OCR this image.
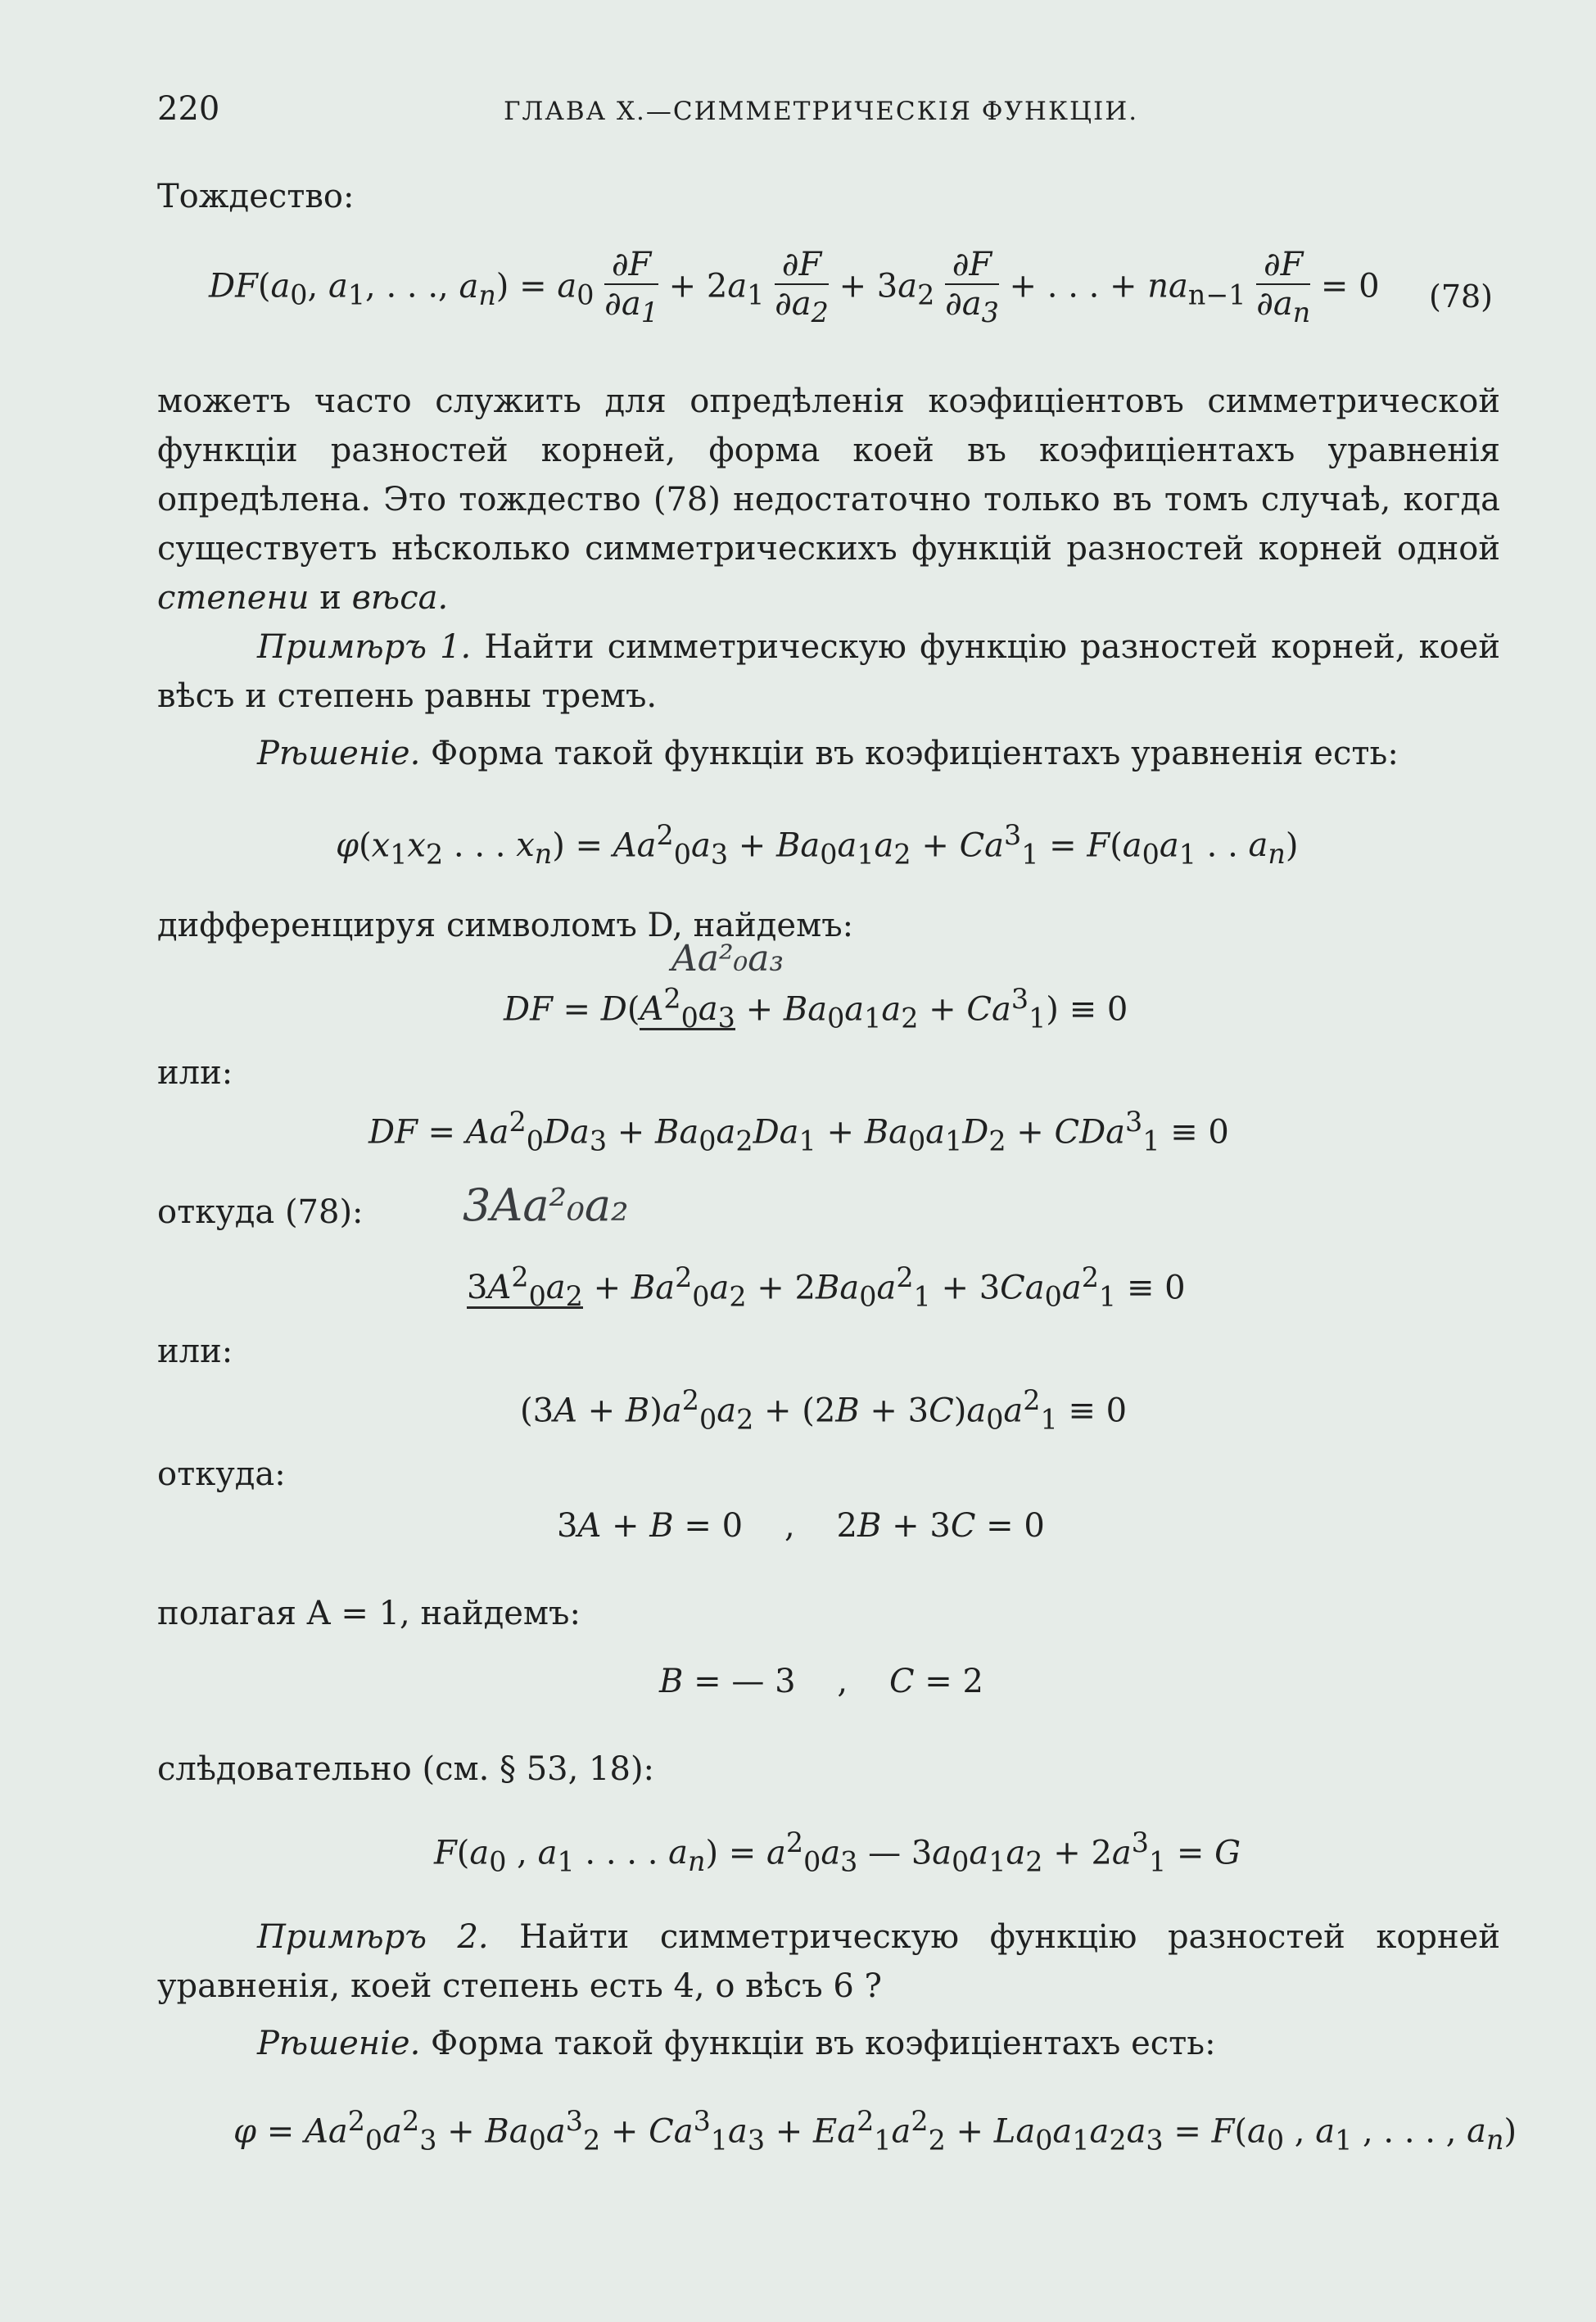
220	ГЛАВА X.—СИММЕТРИЧЕСКІЯ ФУНКЦІИ.
Тождество:
$DF(a_0$, $a_1$, . . ., $a_n) = a_0 \frac{\partial F}{\partial a_1} + 2a_1 \frac{\partial F}{\partial a_2} + 3a_2 \frac{\partial F}{\partial a_3}$ + . . . + $na_{n-1} \frac{\partial F}{\partial a_n} = 0$ (78)
можетъ часто служить для опредѣленія коэфиціентовъ симметрической функціи разностей корней, форма коей въ коэфиціентахъ уравненія опредѣлена. Это тождество (78) недостаточно только въ томъ случаѣ, когда существуетъ нѣсколько симметрическихъ функцій разностей корней одной степени и вѣса.
Примѣръ 1. Найти симметрическую функцію разностей корней, коей вѣсъ и степень равны тремъ.
Рѣшеніе. Форма такой функціи въ коэфиціентахъ уравненія есть:
$\varphi(x_1x_2$ . . . $x_n) = Aa^2_0a_3 + Ba_0a_1a_2 + Ca^3_1 = F(a_0a_1$ . . $a_n$)
дифференцируя символомъ D, найдемъ:
Aa²₀a₃
DF = $D(A^2_0a_3 + Ba_0a_1a_2 + Ca^3_1) \equiv 0$
или:
DF = $Aa^2_0Da_3 + Ba_0a_2Da_1 + Ba_0a_1D_2 + CDa^3_1 \equiv 0$
откуда (78):	3Aa²₀a₂
$3A^2_0a_2 + Ba^2_0a_2 + 2Ba_0a^2_1 + 3Ca_0a^2_1 \equiv 0$
или:
$(3A + B)a^2_0a_2 + (2B + 3C)a_0a^2_1 \equiv 0$
откуда:
3A + B = 0    ,    2B + 3C = 0
полагая A = 1, найдемъ:
B = — 3    , C = 2
слѣдовательно (см. § 53, 18):
$F(a_0$ , $a_1$ . . . . $a_n) = a^2_0a_3$ — $3a_0a_1a_2 + 2a^3_1 = G$
Примѣръ 2. Найти симметрическую функцію разностей корней уравненія, коей степень есть 4, о вѣсъ 6 ?
Рѣшеніе. Форма такой функціи въ коэфиціентахъ есть:
$\varphi = Aa^2_0a^2_3 + Ba_0a^3_2 + Ca^3_1a_3 + Ea^2_1a^2_2 + La_0a_1a_2a_3 = F(a_0$ , $a_1$ , . . . , $a_n$)
